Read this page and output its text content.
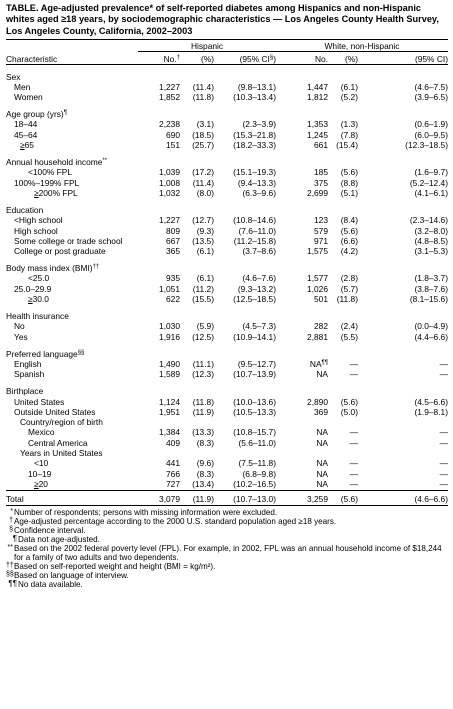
TABLE. Age-adjusted prevalence* of self-reported diabetes among Hispanics and non-Hispanic whites aged ≥18 years, by sociodemographic characteristics — Los Angeles County Health Survey, Los Angeles County, California, 2002–2003

	Hispanic			White, non-Hispanic		
Characteristic	No.†	(%)	(95% CI§)	No.	(%)	(95% CI)
Sex						
Men	1,227	(11.4)	(9.8–13.1)	1,447	(6.1)	(4.6–7.5)
Women	1,852	(11.8)	(10.3–13.4)	1,812	(5.2)	(3.9–6.5)
Age group (yrs)¶
18–44	2,238	(3.1)	(2.3–3.9)	1,353	(1.3)	(0.6–1.9)
45–64	690	(18.5)	(15.3–21.8)	1,245	(7.8)	(6.0–9.5)
≥65	151	(25.7)	(18.2–33.3)	661	(15.4)	(12.3–18.5)
Annual household income**
<100% FPL	1,039	(17.2)	(15.1–19.3)	185	(5.6)	(1.6–9.7)
100%–199% FPL	1,008	(11.4)	(9.4–13.3)	375	(8.8)	(5.2–12.4)
≥200% FPL	1,032	(8.0)	(6.3–9.6)	2,699	(5.1)	(4.1–6.1)
Education						
<High school	1,227	(12.7)	(10.8–14.6)	123	(8.4)	(2.3–14.6)
High school	809	(9.3)	(7.6–11.0)	579	(5.6)	(3.2–8.0)
Some college or trade school	667	(13.5)	(11.2–15.8)	971	(6.6)	(4.8–8.5)
College or post graduate	365	(6.1)	(3.7–8.6)	1,575	(4.2)	(3.1–5.3)
Body mass index (BMI)††
<25.0	935	(6.1)	(4.6–7.6)	1,577	(2.8)	(1.8–3.7)
25.0–29.9	1,051	(11.2)	(9.3–13.2)	1,026	(5.7)	(3.8–7.6)
≥30.0	622	(15.5)	(12.5–18.5)	501	(11.8)	(8.1–15.6)
Health insurance						
No	1,030	(5.9)	(4.5–7.3)	282	(2.4)	(0.0–4.9)
Yes	1,916	(12.5)	(10.9–14.1)	2,881	(5.5)	(4.4–6.6)
Preferred language§§
English	1,490	(11.1)	(9.5–12.7)	NA¶¶	—	—
Spanish	1,589	(12.3)	(10.7–13.9)	NA	—	—
Birthplace						
United States	1,124	(11.8)	(10.0–13.6)	2,890	(5.6)	(4.5–6.6)
Outside United States	1,951	(11.9)	(10.5–13.3)	369	(5.0)	(1.9–8.1)
Country/region of birth						
Mexico	1,384	(13.3)	(10.8–15.7)	NA	—	—
Central America	409	(8.3)	(5.6–11.0)	NA	—	—
Years in United States						
<10	441	(9.6)	(7.5–11.8)	NA	—	—
10–19	766	(8.3)	(6.8–9.8)	NA	—	—
≥20	727	(13.4)	(10.2–16.5)	NA	—	—
Total	3,079	(11.9)	(10.7–13.0)	3,259	(5.6)	(4.6–6.6)
* Number of respondents; persons with missing information were excluded.
† Age-adjusted percentage according to the 2000 U.S. standard population aged ≥18 years.
§ Confidence interval.
¶ Data not age-adjusted.
** Based on the 2002 federal poverty level (FPL). For example, in 2002, FPL was an annual household income of $18,244 for a family of two adults and two dependents.
†† Based on self-reported weight and height (BMI = kg/m²).
§§ Based on language of interview.
¶¶ No data available.
